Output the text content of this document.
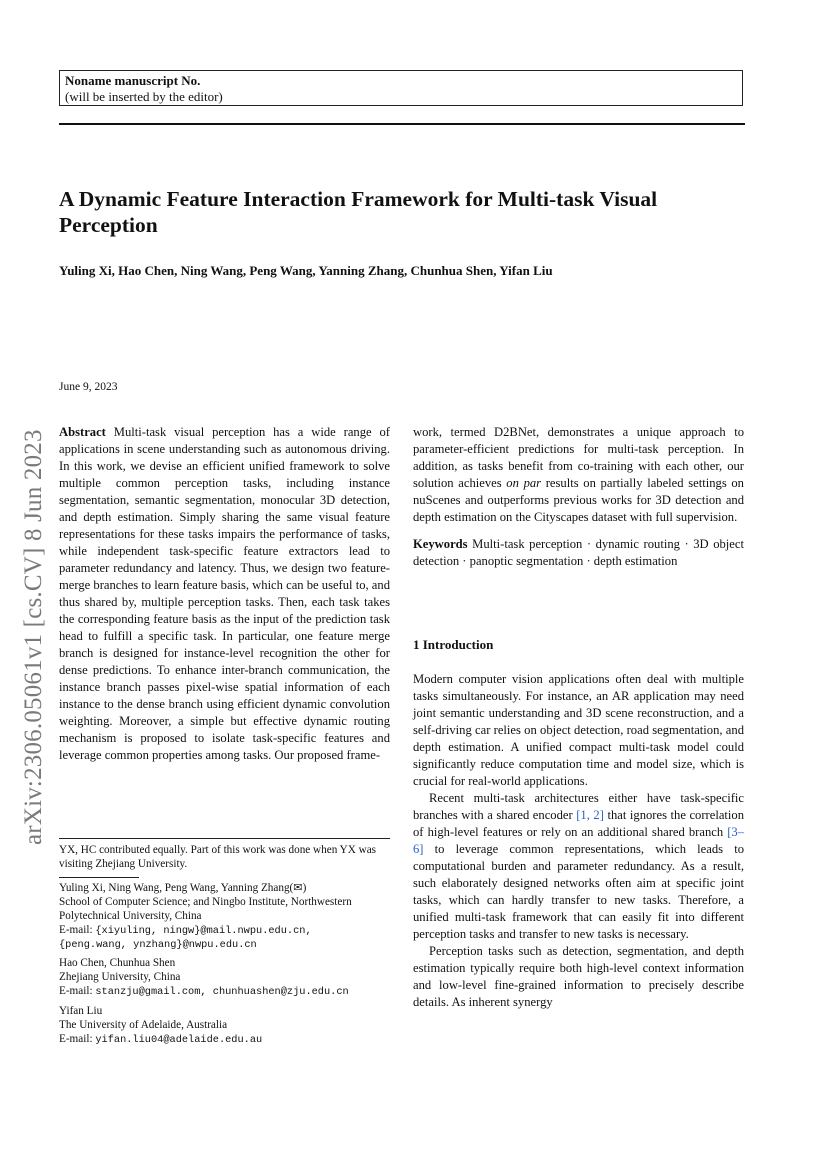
Noname manuscript No.
(will be inserted by the editor)
A Dynamic Feature Interaction Framework for Multi-task Visual Perception
Yuling Xi, Hao Chen, Ning Wang, Peng Wang, Yanning Zhang, Chunhua Shen, Yifan Liu
June 9, 2023
arXiv:2306.05061v1 [cs.CV] 8 Jun 2023 Abstract Multi-task visual perception has a wide range of applications in scene understanding such as autonomous driving. In this work, we devise an efficient unified framework to solve multiple common perception tasks, including instance segmentation, semantic segmentation, monocular 3D detection, and depth estimation. Simply sharing the same visual feature representations for these tasks impairs the performance of tasks, while independent task-specific feature extractors lead to parameter redundancy and latency. Thus, we design two feature-merge branches to learn feature basis, which can be useful to, and thus shared by, multiple perception tasks. Then, each task takes the corresponding feature basis as the input of the prediction task head to fulfill a specific task. In particular, one feature merge branch is designed for instance-level recognition the other for dense predictions. To enhance inter-branch communication, the instance branch passes pixel-wise spatial information of each instance to the dense branch using efficient dynamic convolution weighting. Moreover, a simple but effective dynamic routing mechanism is proposed to isolate task-specific features and leverage common properties among tasks. Our proposed frame-

YX, HC contributed equally. Part of this work was done when YX was visiting Zhejiang University.
Yuling Xi, Ning Wang, Peng Wang, Yanning Zhang(✉)
School of Computer Science; and Ningbo Institute, Northwestern Polytechnical University, China
E-mail: {xiyuling, ningw}@mail.nwpu.edu.cn,
{peng.wang, ynzhang}@nwpu.edu.cn
Hao Chen, Chunhua Shen
Zhejiang University, China
E-mail: stanzju@gmail.com, chunhuashen@zju.edu.cn
Yifan Liu
The University of Adelaide, Australia
E-mail: yifan.liu04@adelaide.edu.au

work, termed D2BNet, demonstrates a unique approach to parameter-efficient predictions for multi-task perception. In addition, as tasks benefit from co-training with each other, our solution achieves on par results on partially labeled settings on nuScenes and outperforms previous works for 3D detection and depth estimation on the Cityscapes dataset with full supervision.

Keywords Multi-task perception · dynamic routing · 3D object detection · panoptic segmentation · depth estimation

1 Introduction

Modern computer vision applications often deal with multiple tasks simultaneously. For instance, an AR application may need joint semantic understanding and 3D scene reconstruction, and a self-driving car relies on object detection, road segmentation, and depth estimation. A unified compact multi-task model could significantly reduce computation time and model size, which is crucial for real-world applications.

Recent multi-task architectures either have task-specific branches with a shared encoder [1, 2] that ignores the correlation of high-level features or rely on an additional shared branch [3–6] to leverage common representations, which leads to computational burden and parameter redundancy. As a result, such elaborately designed networks often aim at specific joint tasks, which can hardly transfer to new tasks. Therefore, a unified multi-task framework that can easily fit into different perception tasks and transfer to new tasks is necessary.

Perception tasks such as detection, segmentation, and depth estimation typically require both high-level context information and low-level fine-grained information to precisely describe details. As inherent synergy
